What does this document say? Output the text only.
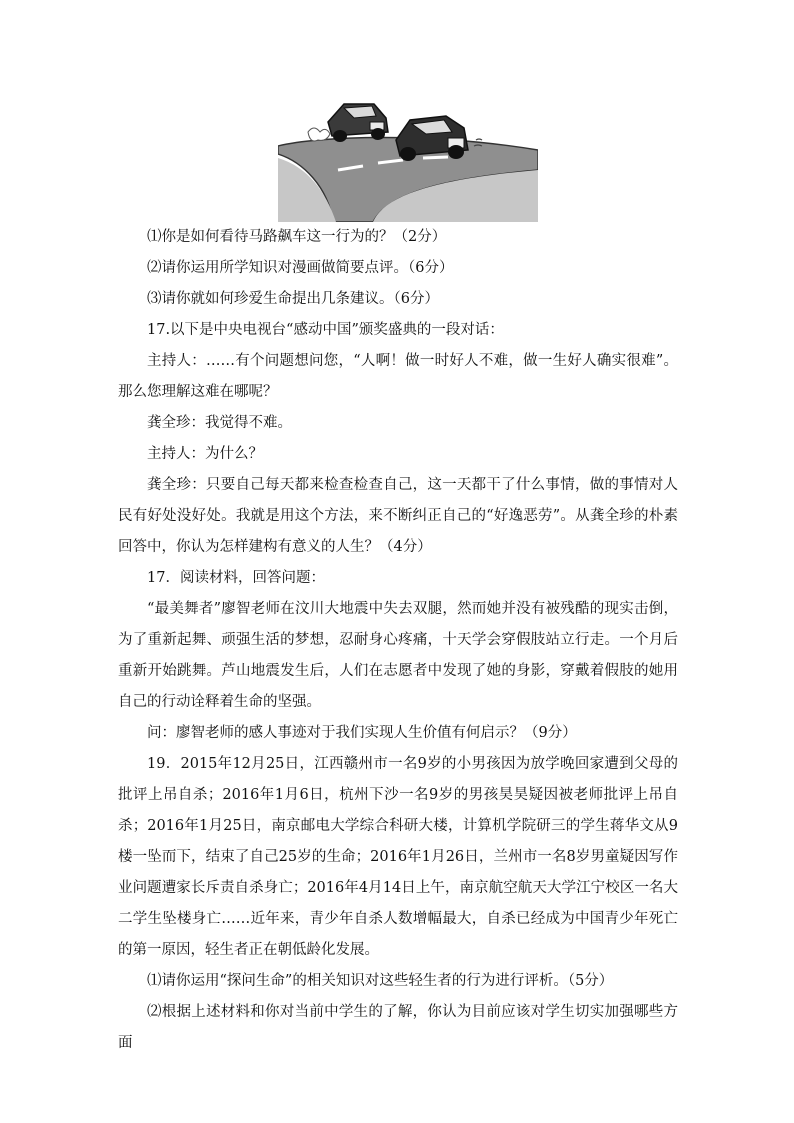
⑴你是如何看待马路飙车这一行为的？（2分）

⑵请你运用所学知识对漫画做简要点评。（6分）

⑶请你就如何珍爱生命提出几条建议。（6分）

17.以下是中央电视台“感动中国”颁奖盛典的一段对话：

主持人：……有个问题想问您，“人啊！做一时好人不难，做一生好人确实很难”。那么您理解这难在哪呢？

龚全珍：我觉得不难。

主持人：为什么？

龚全珍：只要自己每天都来检查检查自己，这一天都干了什么事情，做的事情对人民有好处没好处。我就是用这个方法，来不断纠正自己的“好逸恶劳”。从龚全珍的朴素回答中，你认为怎样建构有意义的人生？（4分）

17．阅读材料，回答问题：

“最美舞者”廖智老师在汶川大地震中失去双腿，然而她并没有被残酷的现实击倒，为了重新起舞、顽强生活的梦想，忍耐身心疼痛，十天学会穿假肢站立行走。一个月后重新开始跳舞。芦山地震发生后，人们在志愿者中发现了她的身影，穿戴着假肢的她用自己的行动诠释着生命的坚强。

问：廖智老师的感人事迹对于我们实现人生价值有何启示？（9分）

19．2015年12月25日，江西赣州市一名9岁的小男孩因为放学晚回家遭到父母的批评上吊自杀；2016年1月6日，杭州下沙一名9岁的男孩昊昊疑因被老师批评上吊自杀；2016年1月25日，南京邮电大学综合科研大楼，计算机学院研三的学生蒋华文从9楼一坠而下，结束了自己25岁的生命；2016年1月26日，兰州市一名8岁男童疑因写作业问题遭家长斥责自杀身亡；2016年4月14日上午，南京航空航天大学江宁校区一名大二学生坠楼身亡……近年来，青少年自杀人数增幅最大，自杀已经成为中国青少年死亡的第一原因，轻生者正在朝低龄化发展。

⑴请你运用“探问生命”的相关知识对这些轻生者的行为进行评析。（5分）

⑵根据上述材料和你对当前中学生的了解，你认为目前应该对学生切实加强哪些方面
